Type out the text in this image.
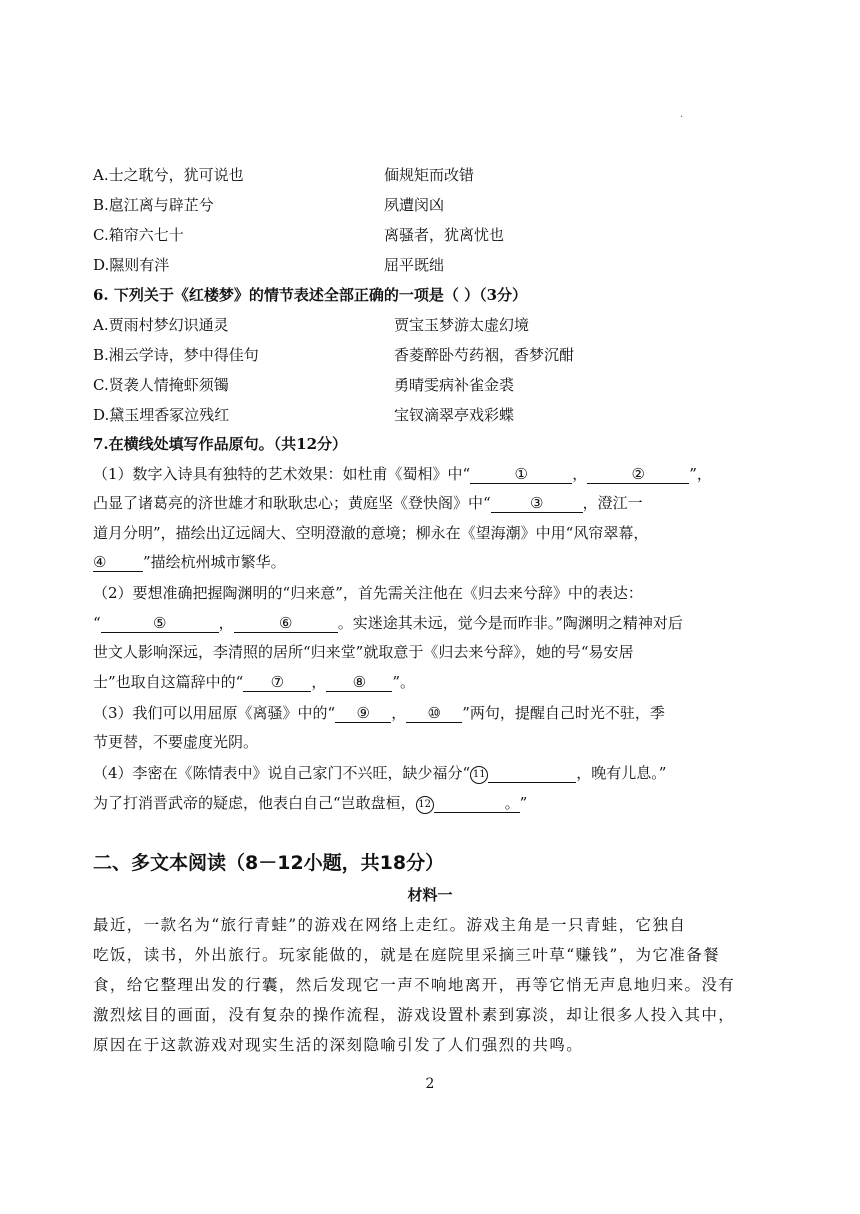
·
A.士之耽兮，犹可说也	偭规矩而改错
B.扈江离与辟芷兮	夙遭闵凶
C.箱帘六七十	离骚者，犹离忧也
D.隰则有泮	屈平既绌
6. 下列关于《红楼梦》的情节表述全部正确的一项是（ ）（3分）
A.贾雨村梦幻识通灵	贾宝玉梦游太虚幻境
B.湘云学诗，梦中得佳句	香菱醉卧芍药裀，香梦沉酣
C.贤袭人情掩虾须镯	勇晴雯病补雀金裘
D.黛玉埋香冢泣残红	宝钗滴翠亭戏彩蝶
7.在横线处填写作品原句。（共12分）
（1）数字入诗具有独特的艺术效果：如杜甫《蜀相》中“	①	，	②	”，
凸显了诸葛亮的济世雄才和耿耿忠心；黄庭坚《登快阁》中“	③	，澄江一
道月分明”，描绘出辽远阔大、空明澄澈的意境；柳永在《望海潮》中用“风帘翠幕，
④ ”描绘杭州城市繁华。
（2）要想准确把握陶渊明的“归来意”，首先需关注他在《归去来兮辞》中的表达：
“	⑤	，	⑥	。实迷途其未远，觉今是而昨非。”陶渊明之精神对后
世文人影响深远，李清照的居所“归来堂”就取意于《归去来兮辞》，她的号“易安居
士”也取自这篇辞中的“ ⑦ ， ⑧ ”。
（3）我们可以用屈原《离骚》中的“ ⑨ ， ⑩ ”两句，提醒自己时光不驻，季
节更替，不要虚度光阴。
（4）李密在《陈情表中》说自己家门不兴旺，缺少福分“ 11	，晚有儿息。”
为了打消晋武帝的疑虑，他表白自己“岂敢盘桓， 12	。”
二、多文本阅读（8－12小题，共18分）
材料一
最近，一款名为“旅行青蛙”的游戏在网络上走红。游戏主角是一只青蛙，它独自
吃饭，读书，外出旅行。玩家能做的，就是在庭院里采摘三叶草“赚钱”，为它准备餐
食，给它整理出发的行囊，然后发现它一声不响地离开，再等它悄无声息地归来。没有
激烈炫目的画面，没有复杂的操作流程，游戏设置朴素到寡淡，却让很多人投入其中，
原因在于这款游戏对现实生活的深刻隐喻引发了人们强烈的共鸣。
2
